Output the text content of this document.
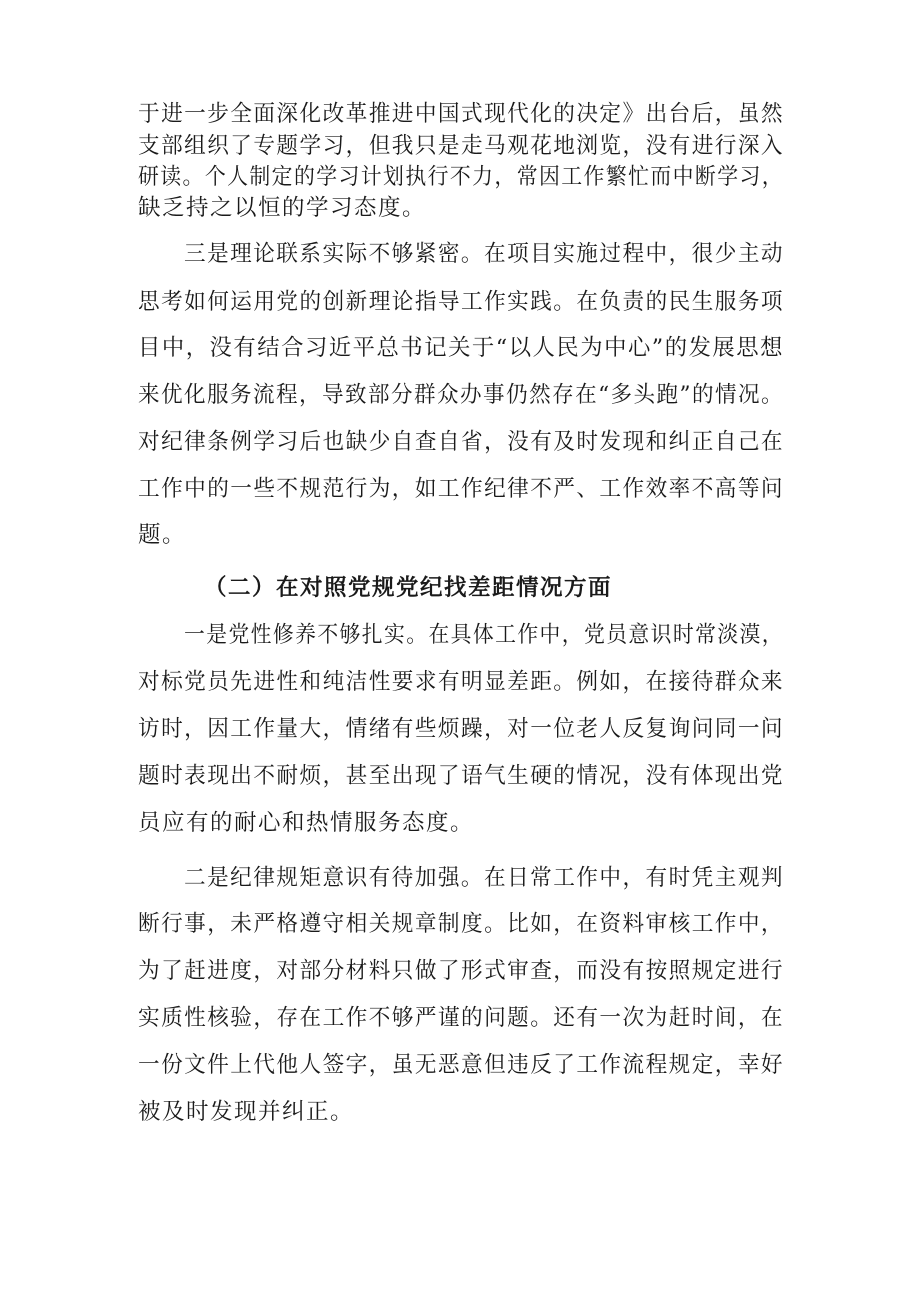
于进一步全面深化改革推进中国式现代化的决定》出台后，虽然

支部组织了专题学习，但我只是走马观花地浏览，没有进行深入

研读。个人制定的学习计划执行不力，常因工作繁忙而中断学习，

缺乏持之以恒的学习态度。

三是理论联系实际不够紧密。在项目实施过程中，很少主动

思考如何运用党的创新理论指导工作实践。在负责的民生服务项

目中，没有结合习近平总书记关于“以人民为中心”的发展思想

来优化服务流程，导致部分群众办事仍然存在“多头跑”的情况。

对纪律条例学习后也缺少自查自省，没有及时发现和纠正自己在

工作中的一些不规范行为，如工作纪律不严、工作效率不高等问

题。

（二）在对照党规党纪找差距情况方面

一是党性修养不够扎实。在具体工作中，党员意识时常淡漠，

对标党员先进性和纯洁性要求有明显差距。例如，在接待群众来

访时，因工作量大，情绪有些烦躁，对一位老人反复询问同一问

题时表现出不耐烦，甚至出现了语气生硬的情况，没有体现出党

员应有的耐心和热情服务态度。

二是纪律规矩意识有待加强。在日常工作中，有时凭主观判

断行事，未严格遵守相关规章制度。比如，在资料审核工作中，

为了赶进度，对部分材料只做了形式审查，而没有按照规定进行

实质性核验，存在工作不够严谨的问题。还有一次为赶时间，在

一份文件上代他人签字，虽无恶意但违反了工作流程规定，幸好

被及时发现并纠正。
